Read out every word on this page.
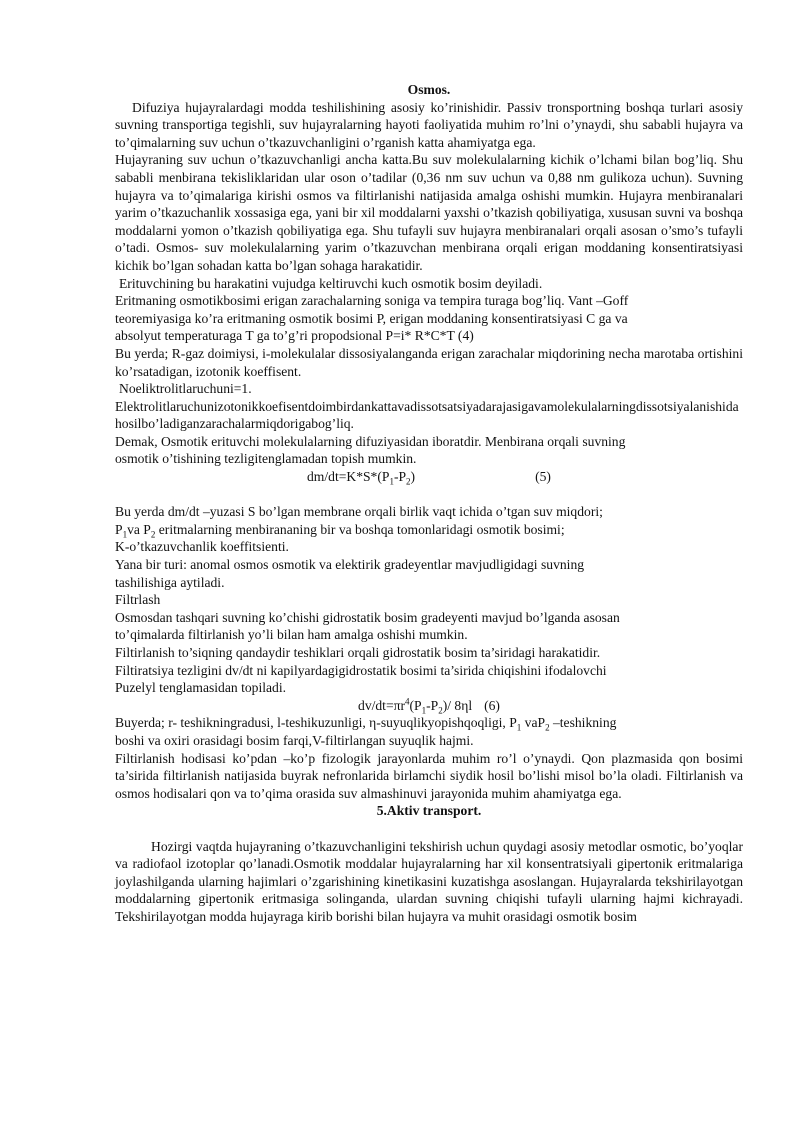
Osmos.

Difuziya hujayralardagi modda teshilishining asosiy ko’rinishidir. Passiv tronsportning boshqa turlari asosiy suvning transportiga tegishli, suv hujayralarning hayoti faoliyatida muhim ro’lni o’ynaydi, shu sababli hujayra va to’qimalarning suv uchun o’tkazuvchanligini o’rganish katta ahamiyatga ega.

Hujayraning suv uchun o’tkazuvchanligi ancha katta.Bu suv molekulalarning kichik o’lchami bilan bog’liq. Shu sababli menbirana tekisliklaridan ular oson o’tadilar (0,36 nm suv uchun va 0,88 nm gulikoza uchun). Suvning hujayra va to’qimalariga kirishi osmos va filtirlanishi natijasida amalga oshishi mumkin. Hujayra menbiranalari yarim o’tkazuchanlik xossasiga ega, yani bir xil moddalarni yaxshi o’tkazish qobiliyatiga, xususan suvni va boshqa moddalarni yomon o’tkazish qobiliyatiga ega. Shu tufayli suv hujayra menbiranalari orqali asosan o’smo’s tufayli o’tadi. Osmos- suv molekulalarning yarim o’tkazuvchan menbirana orqali erigan moddaning konsentiratsiyasi kichik bo’lgan sohadan katta bo’lgan sohaga harakatidir.

Erituvchining bu harakatini vujudga keltiruvchi kuch osmotik bosim deyiladi.

Eritmaning osmotikbosimi erigan zarachalarning soniga va tempira turaga bog’liq. Vant –Goff

teoremiyasiga ko’ra eritmaning osmotik bosimi P, erigan moddaning konsentiratsiyasi C ga va

absolyut temperaturaga T ga to’g’ri propodsional P=i* R*C*T (4)

Bu yerda; R-gaz doimiysi, i-molekulalar dissosiyalanganda erigan zarachalar miqdorining necha marotaba ortishini ko’rsatadigan, izotonik koeffisent.

Noeliktrolitlaruchuni=1.

Elektrolitlaruchunizotonikkoefisentdoimbirdankattavadissotsatsiyadarajasigavamolekulalarningdissotsiyalanishidahosilbo’ladiganzarachalarmiqdorigabog’liq.

Demak, Osmotik erituvchi molekulalarning difuziyasidan iboratdir. Menbirana orqali suvning

osmotik o’tishining tezligitenglamadan topish mumkin.

$dm/dt=K*S*(P_1-P_2)$	(5)

Bu yerda dm/dt –yuzasi S bo’lgan membrane orqali birlik vaqt ichida o’tgan suv miqdori;

$P_1va$ $P_2$ eritmalarning menbirananing bir va boshqa tomonlaridagi osmotik bosimi;

K-o’tkazuvchanlik koeffitsienti.

Yana bir turi: anomal osmos osmotik va elektirik gradeyentlar mavjudligidagi suvning

tashilishiga aytiladi.

Filtrlash

Osmosdan tashqari suvning ko’chishi gidrostatik bosim gradeyenti mavjud bo’lganda asosan

to’qimalarda filtirlanish yo’li bilan ham amalga oshishi mumkin.

Filtirlanish to’siqning qandaydir teshiklari orqali gidrostatik bosim ta’siridagi harakatidir.

Filtiratsiya tezligini dv/dt ni kapilyardagigidrostatik bosimi ta’sirida chiqishini ifodalovchi

Puzelyl tenglamasidan topiladi.

$dv/dt=\pi r^4(P_1-P_2)/$ 8ηl (6)

Buyerda; r- teshikningradusi, l-teshikuzunligi, η-suyuqlikyopishqoqligi, $P_1$ vaP$_2$ –teshikning

boshi va oxiri orasidagi bosim farqi,V-filtirlangan suyuqlik hajmi.

Filtirlanish hodisasi ko’pdan –ko’p fizologik jarayonlarda muhim ro’l o’ynaydi. Qon plazmasida qon bosimi ta’sirida filtirlanish natijasida buyrak nefronlarida birlamchi siydik hosil bo’lishi misol bo’la oladi. Filtirlanish va osmos hodisalari qon va to’qima orasida suv almashinuvi jarayonida muhim ahamiyatga ega.

5.Aktiv transport.

Hozirgi vaqtda hujayraning o’tkazuvchanligini tekshirish uchun quydagi asosiy metodlar osmotic, bo’yoqlar va radiofaol izotoplar qo’lanadi.Osmotik moddalar hujayralarning har xil konsentratsiyali gipertonik eritmalariga joylashilganda ularning hajimlari o’zgarishining kinetikasini kuzatishga asoslangan. Hujayralarda tekshirilayotgan moddalarning gipertonik eritmasiga solinganda, ulardan suvning chiqishi tufayli ularning hajmi kichrayadi. Tekshirilayotgan modda hujayraga kirib borishi bilan hujayra va muhit orasidagi osmotik bosim
